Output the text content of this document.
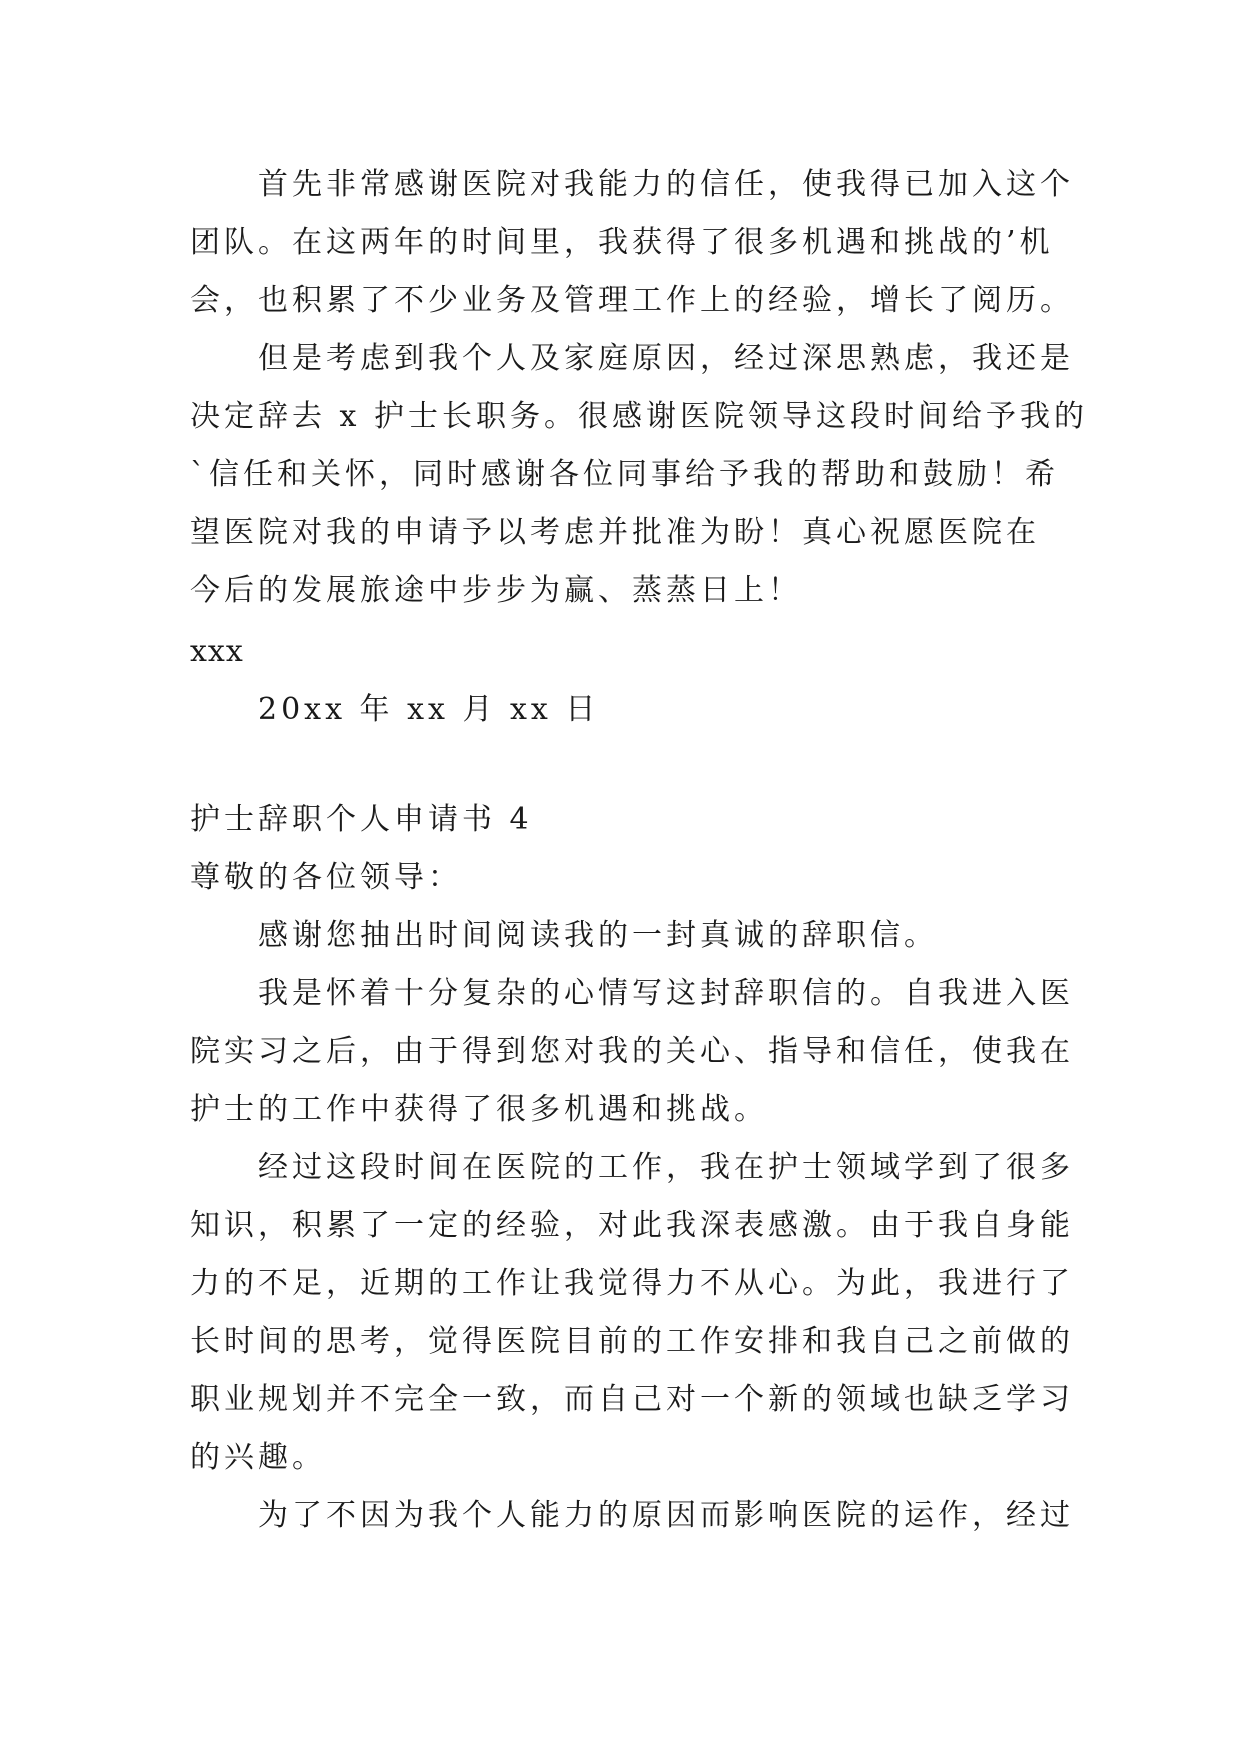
首先非常感谢医院对我能力的信任，使我得已加入这个

团队。在这两年的时间里，我获得了很多机遇和挑战的’机

会，也积累了不少业务及管理工作上的经验，增长了阅历。

但是考虑到我个人及家庭原因，经过深思熟虑，我还是

决定辞去 x 护士长职务。很感谢医院领导这段时间给予我的

`信任和关怀，同时感谢各位同事给予我的帮助和鼓励！希

望医院对我的申请予以考虑并批准为盼！真心祝愿医院在

今后的发展旅途中步步为赢、蒸蒸日上！

xxx

20xx 年 xx 月 xx 日

护士辞职个人申请书 4

尊敬的各位领导：

感谢您抽出时间阅读我的一封真诚的辞职信。

我是怀着十分复杂的心情写这封辞职信的。自我进入医

院实习之后，由于得到您对我的关心、指导和信任，使我在

护士的工作中获得了很多机遇和挑战。

经过这段时间在医院的工作，我在护士领域学到了很多

知识，积累了一定的经验，对此我深表感激。由于我自身能

力的不足，近期的工作让我觉得力不从心。为此，我进行了

长时间的思考，觉得医院目前的工作安排和我自己之前做的

职业规划并不完全一致，而自己对一个新的领域也缺乏学习

的兴趣。

为了不因为我个人能力的原因而影响医院的运作，经过
